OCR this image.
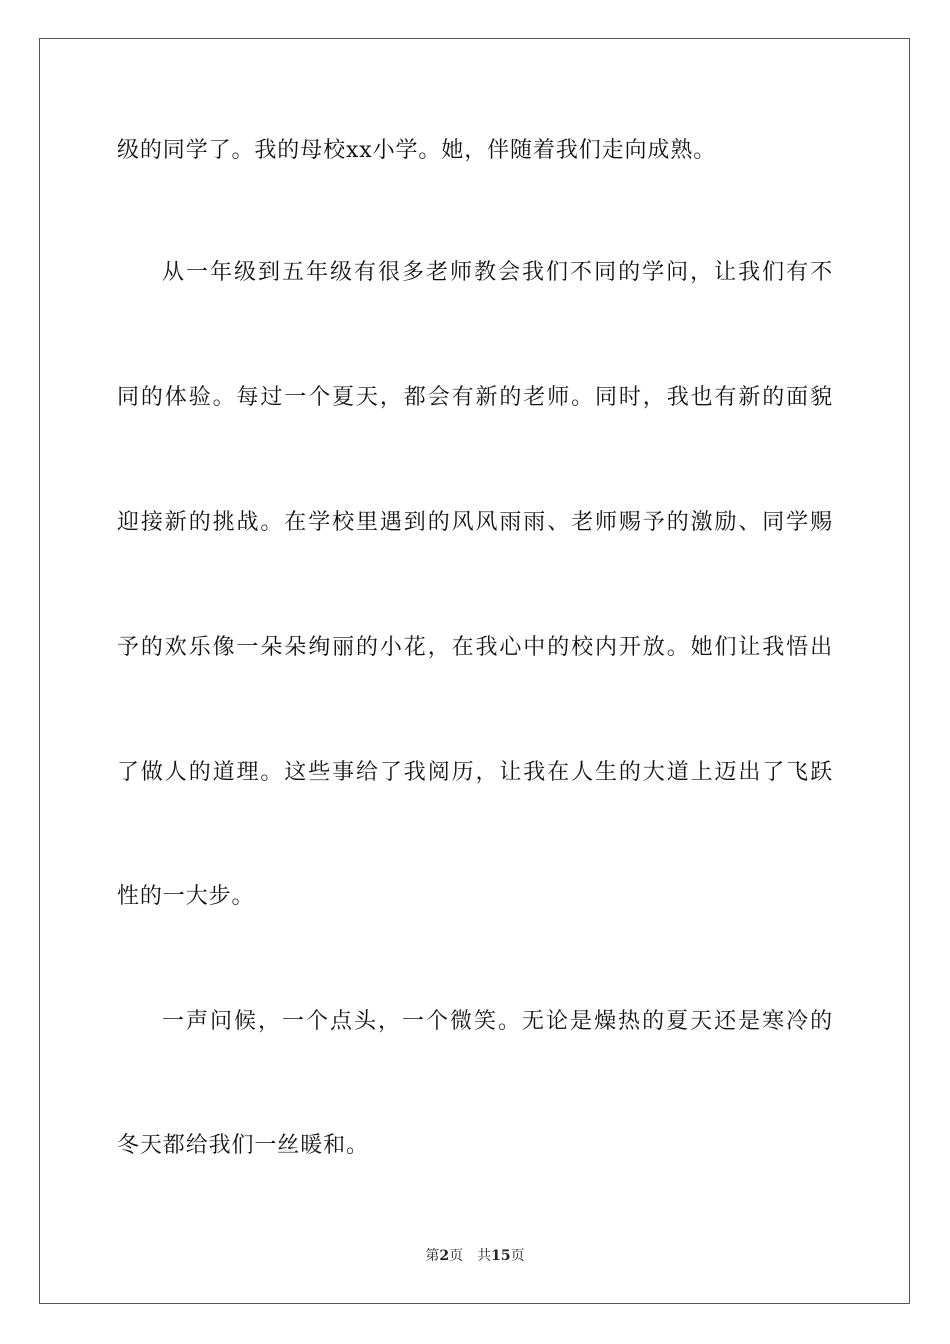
级的同学了。我的母校xx小学。她，伴随着我们走向成熟。
从一年级到五年级有很多老师教会我们不同的学问，让我们有不
同的体验。每过一个夏天，都会有新的老师。同时，我也有新的面貌
迎接新的挑战。在学校里遇到的风风雨雨、老师赐予的激励、同学赐
予的欢乐像一朵朵绚丽的小花，在我心中的校内开放。她们让我悟出
了做人的道理。这些事给了我阅历，让我在人生的大道上迈出了飞跃
性的一大步。
一声问候，一个点头，一个微笑。无论是燥热的夏天还是寒冷的
冬天都给我们一丝暖和。
第2页 共15页
